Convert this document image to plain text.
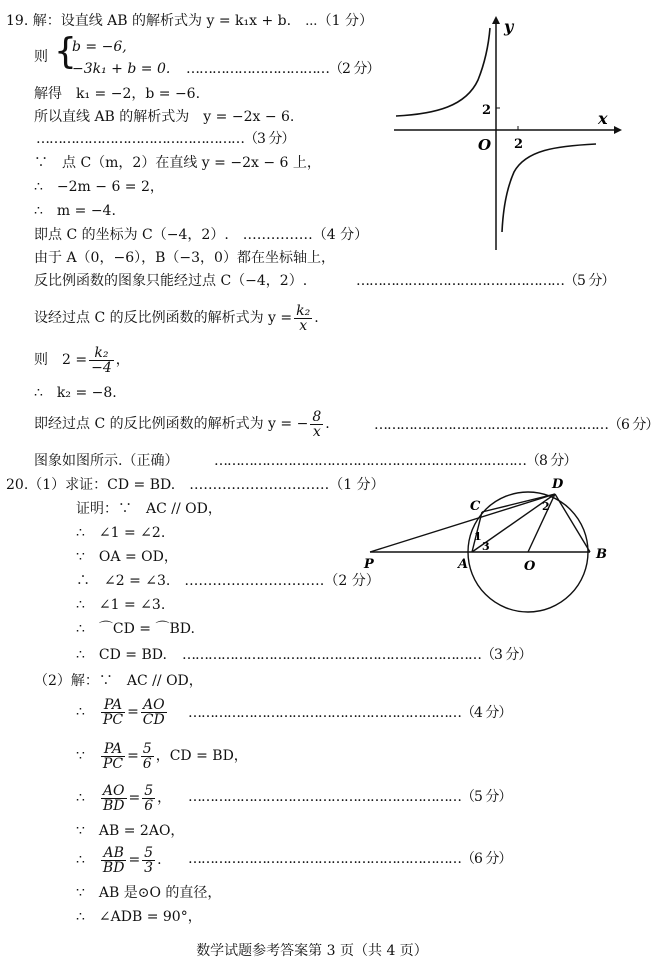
19. 解：设直线 AB 的解析式为 y = k₁x + b.　⋯（1 分）
则 {
b = −6,
−3k₁ + b = 0. ……………………………（2 分）
解得　k₁ = −2，b = −6.
所以直线 AB 的解析式为　y = −2x − 6.
…………………………………………（3 分）
∵　点 C（m，2）在直线 y = −2x − 6 上，
∴　−2m − 6 = 2，
∴　m = −4.
即点 C 的坐标为 C（−4，2）.　……………（4 分）
由于 A（0，−6），B（−3，0）都在坐标轴上，
反比例函数的图象只能经过点 C（−4，2）.	…………………………………………（5 分）
设经过点 C 的反比例函数的解析式为 $y = \frac{\text{k₂}}{x}$ .
则　$2 = \frac{\text{k₂}}{-4}$ ，
∴　k₂ = −8.
即经过点 C 的反比例函数的解析式为 y = − $\frac{8}{x}$ .	………………………………………………（6 分）
图象如图所示.（正确）	………………………………………………………………（8 分）
y
x
O 2
2
20.（1）求证：CD = BD.　…………………………（1 分）
证明：∵　AC // OD，
∴　∠1 = ∠2.
∵　OA = OD，
∴　∠2 = ∠3.　…………………………（2 分）
∴　∠1 = ∠3.
∴　⌒CD = ⌒BD.
∴　CD = BD. ……………………………………………………………（3 分）
（2）解：∵　AC // OD，
∴　 $\frac{PA}{PC} = \frac{AO}{CD}$ ………………………………………………………（4 分）
∵　 $\frac{PA}{PC} = \frac{5}{6}$ ，CD = BD，
∴　 $\frac{AO}{BD} = \frac{5}{6}$ ， ………………………………………………………（5 分）
∵　AB = 2AO，
∴　 $\frac{AB}{BD} = \frac{5}{3}$ . ………………………………………………………（6 分）
∵　AB 是⊙O 的直径，
∴　∠ADB = 90°，
P	A	O
B
C
D
1
2
3
数学试题参考答案第 3 页（共 4 页）
